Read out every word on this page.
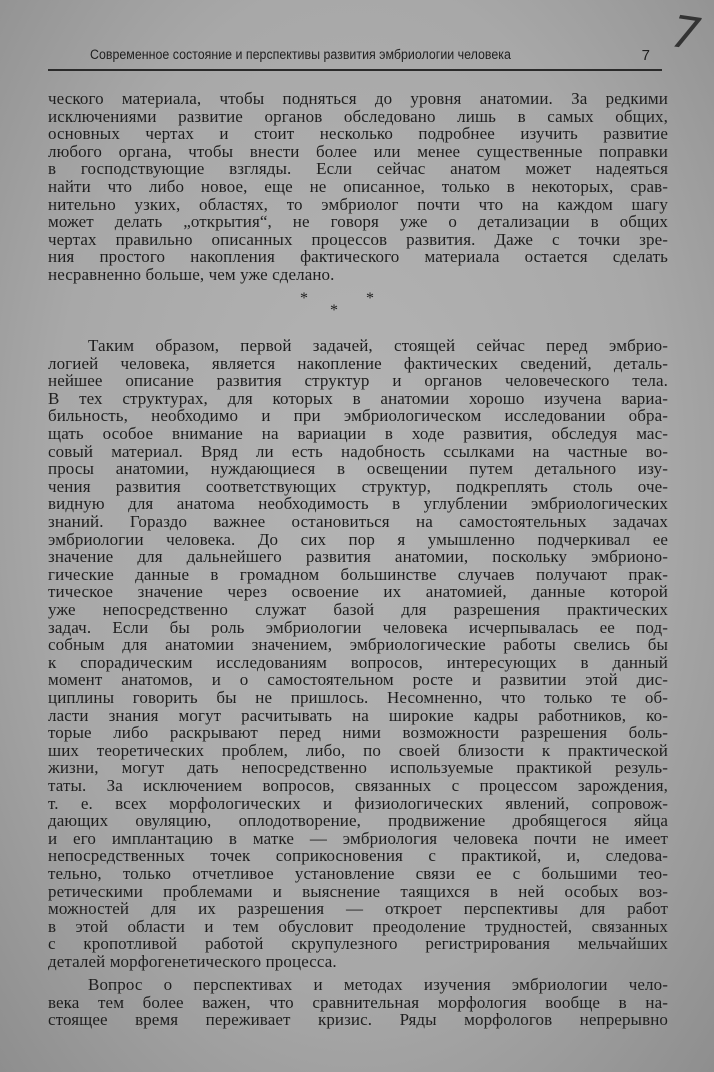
Современное состояние и перспективы развития эмбриологии человека	7 7
*	*
*
ческого материала, чтобы подняться до уровня анатомии. За редкими
исключениями развитие органов обследовано лишь в самых общих,
основных чертах и стоит несколько подробнее изучить развитие
любого органа, чтобы внести более или менее существенные поправки
в господствующие взгляды. Если сейчас анатом может надеяться
найти что либо новое, еще не описанное, только в некоторых, срав-
нительно узких, областях, то эмбриолог почти что на каждом шагу
может делать „открытия“, не говоря уже о детализации в общих
чертах правильно описанных процессов развития. Даже с точки зре-
ния простого накопления фактического материала остается сделать
несравненно больше, чем уже сделано.
Таким образом, первой задачей, стоящей сейчас перед эмбрио-
логией человека, является накопление фактических сведений, деталь-
нейшее описание развития структур и органов человеческого тела.
В тех структурах, для которых в анатомии хорошо изучена вариа-
бильность, необходимо и при эмбриологическом исследовании обра-
щать особое внимание на вариации в ходе развития, обследуя мас-
совый материал. Вряд ли есть надобность ссылками на частные во-
просы анатомии, нуждающиеся в освещении путем детального изу-
чения развития соответствующих структур, подкреплять столь оче-
видную для анатома необходимость в углублении эмбриологических
знаний. Гораздо важнее остановиться на самостоятельных задачах
эмбриологии человека. До сих пор я умышленно подчеркивал ее
значение для дальнейшего развития анатомии, поскольку эмбрионо-
гические данные в громадном большинстве случаев получают прак-
тическое значение через освоение их анатомией, данные которой
уже непосредственно служат базой для разрешения практических
задач. Если бы роль эмбриологии человека исчерпывалась ее под-
собным для анатомии значением, эмбриологические работы свелись бы
к спорадическим исследованиям вопросов, интересующих в данный
момент анатомов, и о самостоятельном росте и развитии этой дис-
циплины говорить бы не пришлось. Несомненно, что только те об-
ласти знания могут расчитывать на широкие кадры работников, ко-
торые либо раскрывают перед ними возможности разрешения боль-
ших теоретических проблем, либо, по своей близости к практической
жизни, могут дать непосредственно используемые практикой резуль-
таты. За исключением вопросов, связанных с процессом зарождения,
т. е. всех морфологических и физиологических явлений, сопровож-
дающих овуляцию, оплодотворение, продвижение дробящегося яйца
и его имплантацию в матке — эмбриология человека почти не имеет
непосредственных точек соприкосновения с практикой, и, следова-
тельно, только отчетливое установление связи ее с большими тео-
ретическими проблемами и выяснение таящихся в ней особых воз-
можностей для их разрешения — откроет перспективы для работ
в этой области и тем обусловит преодоление трудностей, связанных
с кропотливой работой скрупулезного регистрирования мельчайших
деталей морфогенетического процесса.
Вопрос о перспективах и методах изучения эмбриологии чело-
века тем более важен, что сравнительная морфология вообще в на-
стоящее время переживает кризис. Ряды морфологов непрерывно
